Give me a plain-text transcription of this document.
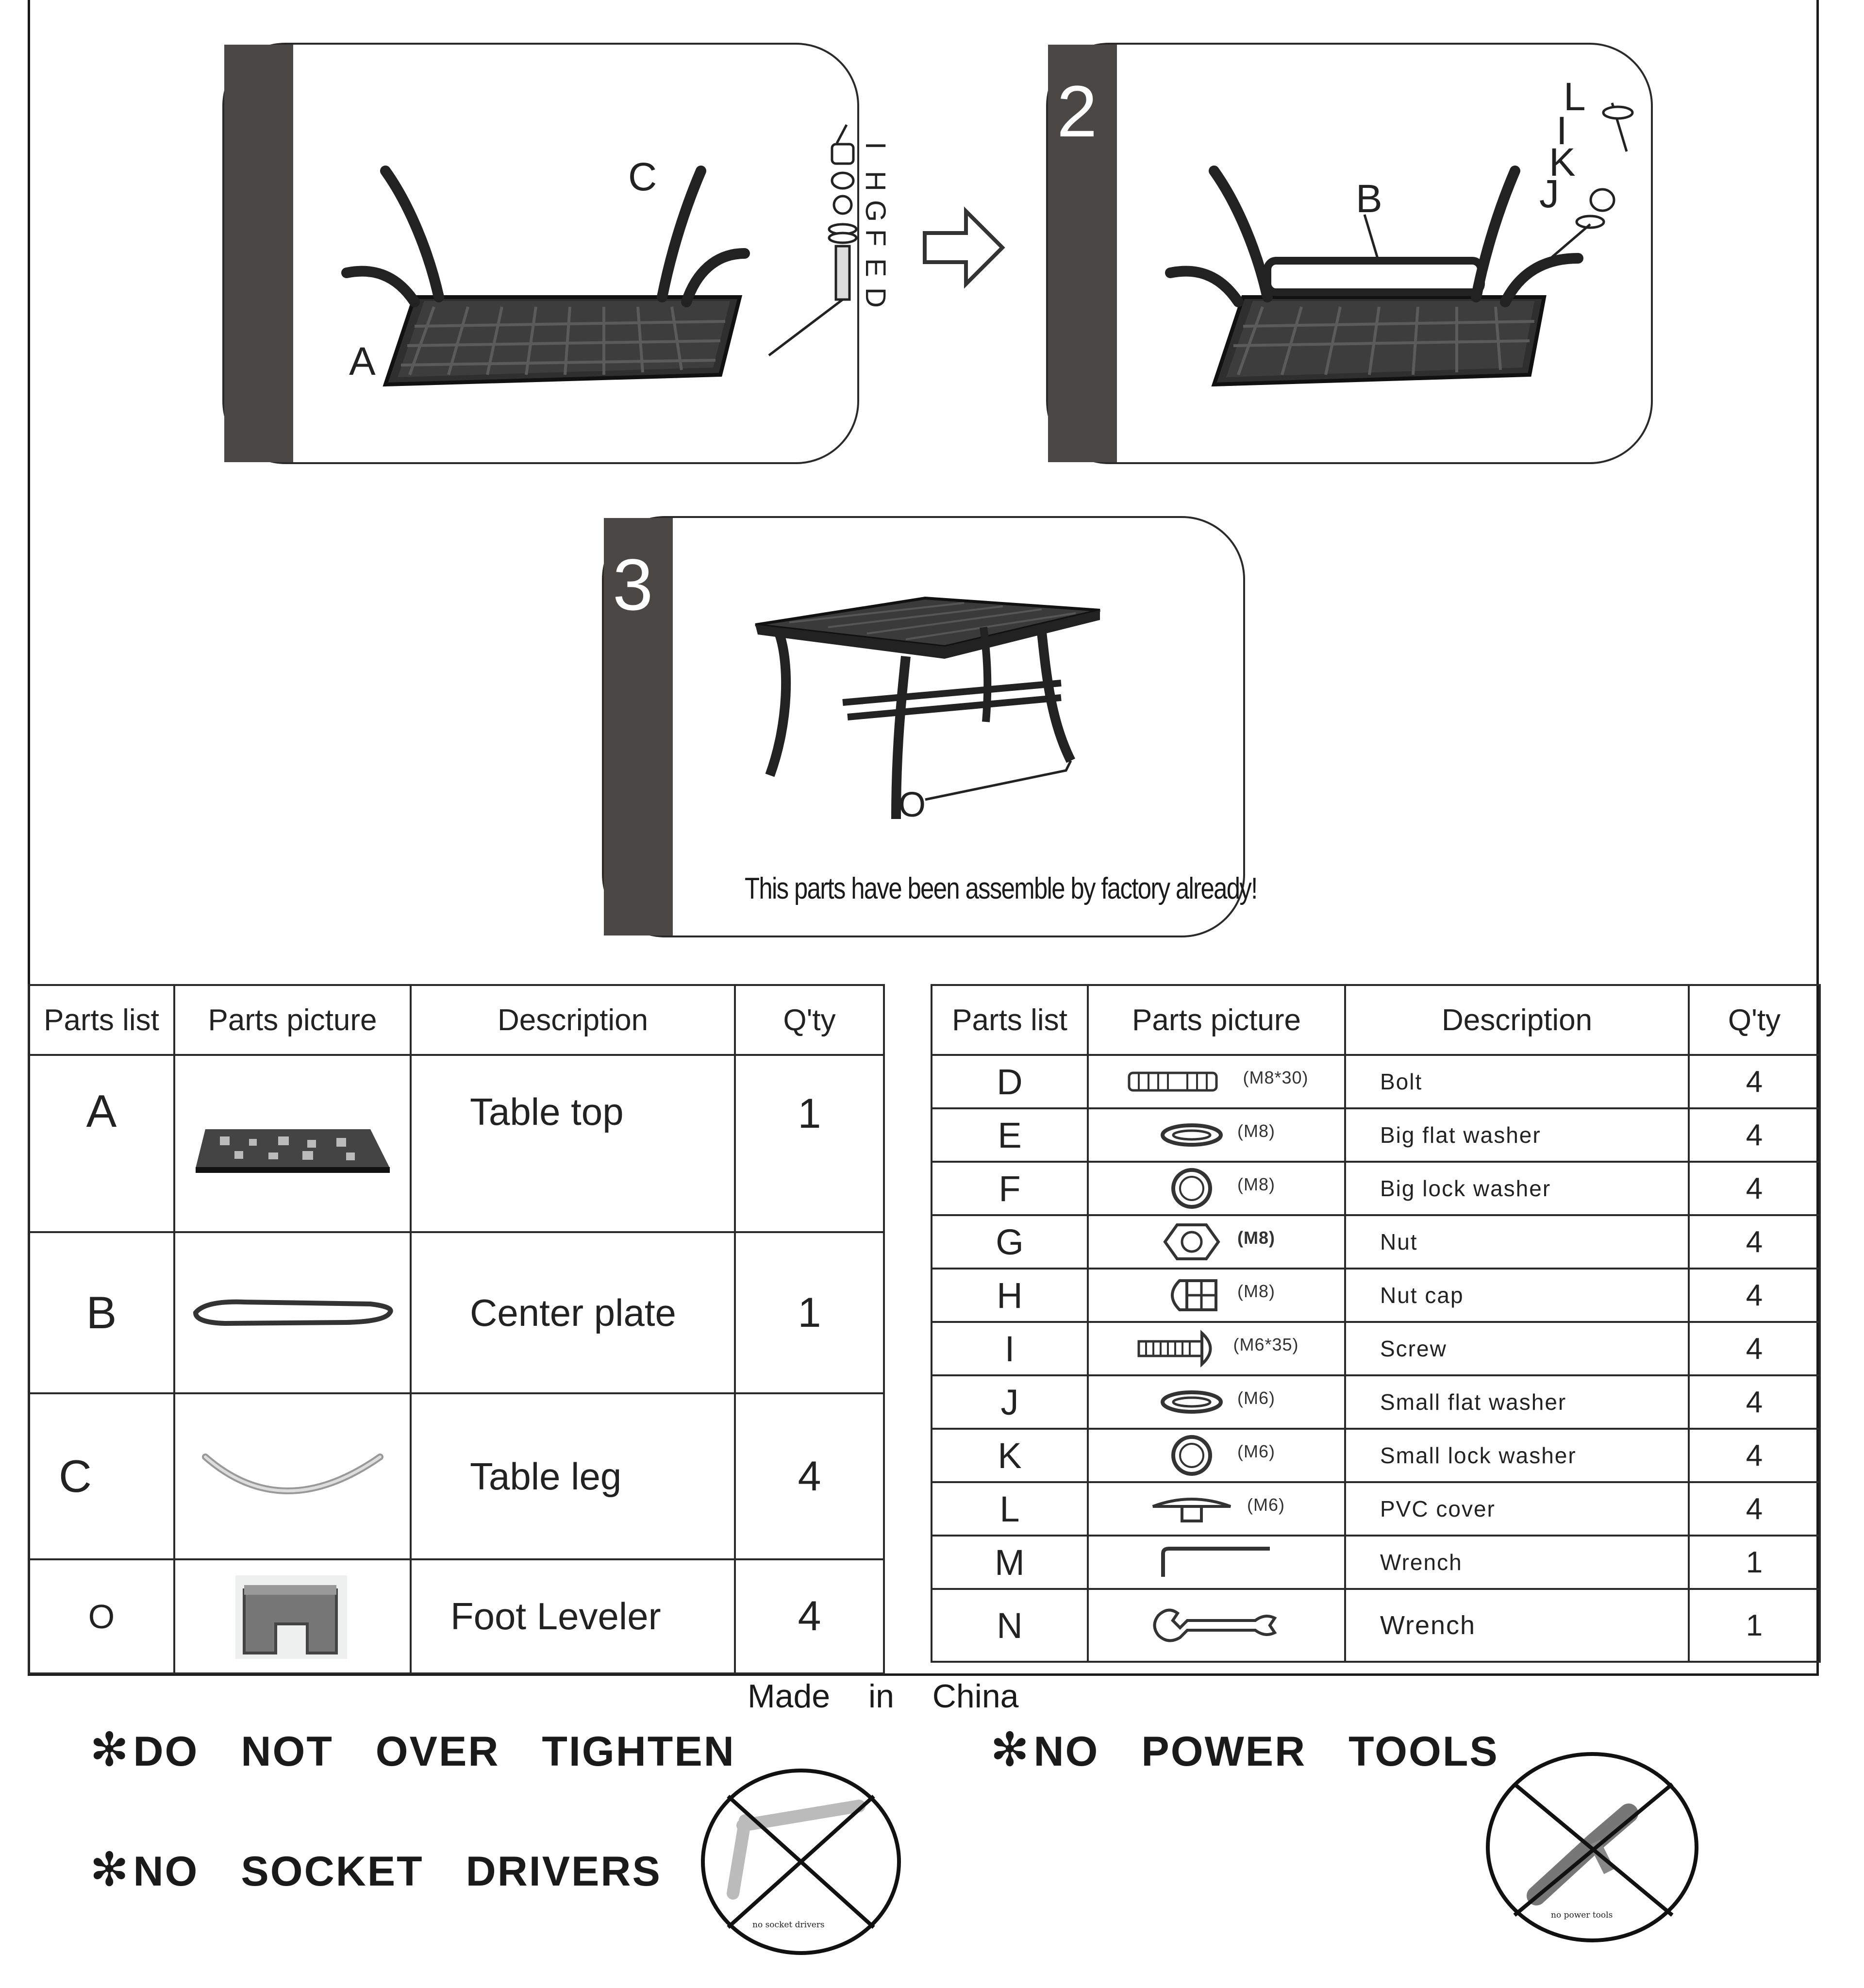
C
A
I
H
G
F
E
D
2
B
L
I
K
J
3
O
This parts have been assemble by factory already!
Parts list	Parts picture	Description	Q'ty
A		Table top	1
B		Center plate	1
C		Table leg	4
O		Foot Leveler	4
Parts list	Parts picture	Description	Q'ty
D	(M8*30)	Bolt	4
E	(M8)	Big flat washer	4
F	(M8)	Big lock washer	4
G	(M8)	Nut	4
H	(M8)	Nut cap	4
I	(M6*35)	Screw	4
J	(M6)	Small flat washer	4
K	(M6)	Small lock washer	4
L	(M6)	PVC cover	4
M		Wrench	1
N		Wrench	1
Made in China
✻DO NOT OVER TIGHTEN	✻NO POWER TOOLS
✻NO SOCKET DRIVERS
no socket drivers
no power tools
